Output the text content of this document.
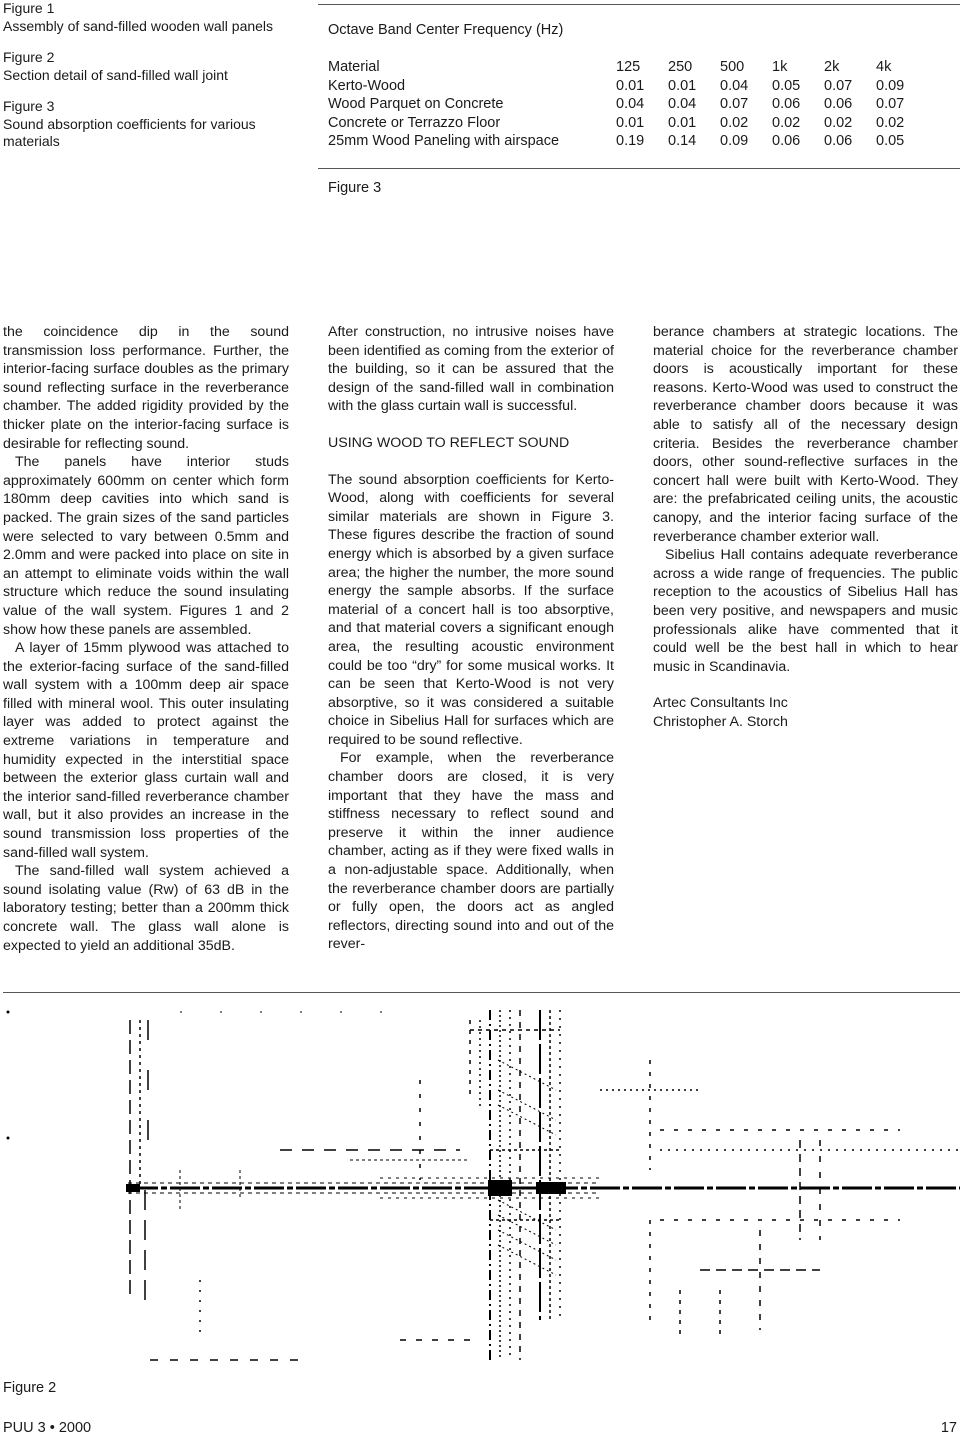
Figure 1
Assembly of sand-filled wooden wall panels
Figure 2
Section detail of sand-filled wall joint
Figure 3
Sound absorption coefficients for various materials
Octave Band Center Frequency (Hz)
Material	125	250	500	1k	2k	4k
Kerto-Wood	0.01	0.01	0.04	0.05	0.07	0.09
Wood Parquet on Concrete	0.04	0.04	0.07	0.06	0.06	0.07
Concrete or Terrazzo Floor	0.01	0.01	0.02	0.02	0.02	0.02
25mm Wood Paneling with airspace	0.19	0.14	0.09	0.06	0.06	0.05
Figure 3

the coincidence dip in the sound transmission loss performance. Further, the interior-facing surface doubles as the primary sound reflecting surface in the reverberance chamber. The added rigidity provided by the thicker plate on the interior-facing surface is desirable for reflecting sound.

The panels have interior studs approximately 600mm on center which form 180mm deep cavities into which sand is packed. The grain sizes of the sand particles were selected to vary between 0.5mm and 2.0mm and were packed into place on site in an attempt to eliminate voids within the wall structure which reduce the sound insulating value of the wall system. Figures 1 and 2 show how these panels are assembled.

A layer of 15mm plywood was attached to the exterior-facing surface of the sand-filled wall system with a 100mm deep air space filled with mineral wool. This outer insulating layer was added to protect against the extreme variations in temperature and humidity expected in the interstitial space between the exterior glass curtain wall and the interior sand-filled reverberance chamber wall, but it also provides an increase in the sound transmission loss properties of the sand-filled wall system.

The sand-filled wall system achieved a sound isolating value (Rw) of 63 dB in the laboratory testing; better than a 200mm thick concrete wall. The glass wall alone is expected to yield an additional 35dB.

After construction, no intrusive noises have been identified as coming from the exterior of the building, so it can be assured that the design of the sand-filled wall in combination with the glass curtain wall is successful.

USING WOOD TO REFLECT SOUND

The sound absorption coefficients for Kerto-Wood, along with coefficients for several similar materials are shown in Figure 3. These figures describe the fraction of sound energy which is absorbed by a given surface area; the higher the number, the more sound energy the sample absorbs. If the surface material of a concert hall is too absorptive, and that material covers a significant enough area, the resulting acoustic environment could be too “dry” for some musical works. It can be seen that Kerto-Wood is not very absorptive, so it was considered a suitable choice in Sibelius Hall for surfaces which are required to be sound reflective.

For example, when the reverberance chamber doors are closed, it is very important that they have the mass and stiffness necessary to reflect sound and preserve it within the inner audience chamber, acting as if they were fixed walls in a non-adjustable space. Additionally, when the reverberance chamber doors are partially or fully open, the doors act as angled reflectors, directing sound into and out of the rever-

berance chambers at strategic locations. The material choice for the reverberance chamber doors is acoustically important for these reasons. Kerto-Wood was used to construct the reverberance chamber doors because it was able to satisfy all of the necessary design criteria. Besides the reverberance chamber doors, other sound-reflective surfaces in the concert hall were built with Kerto-Wood. They are: the prefabricated ceiling units, the acoustic canopy, and the interior facing surface of the reverberance chamber exterior wall.

Sibelius Hall contains adequate reverberance across a wide range of frequencies. The public reception to the acoustics of Sibelius Hall has been very positive, and newspapers and music professionals alike have commented that it could well be the best hall in which to hear music in Scandinavia.

Artec Consultants Inc

Christopher A. Storch

Figure 2
PUU 3 • 2000	17
